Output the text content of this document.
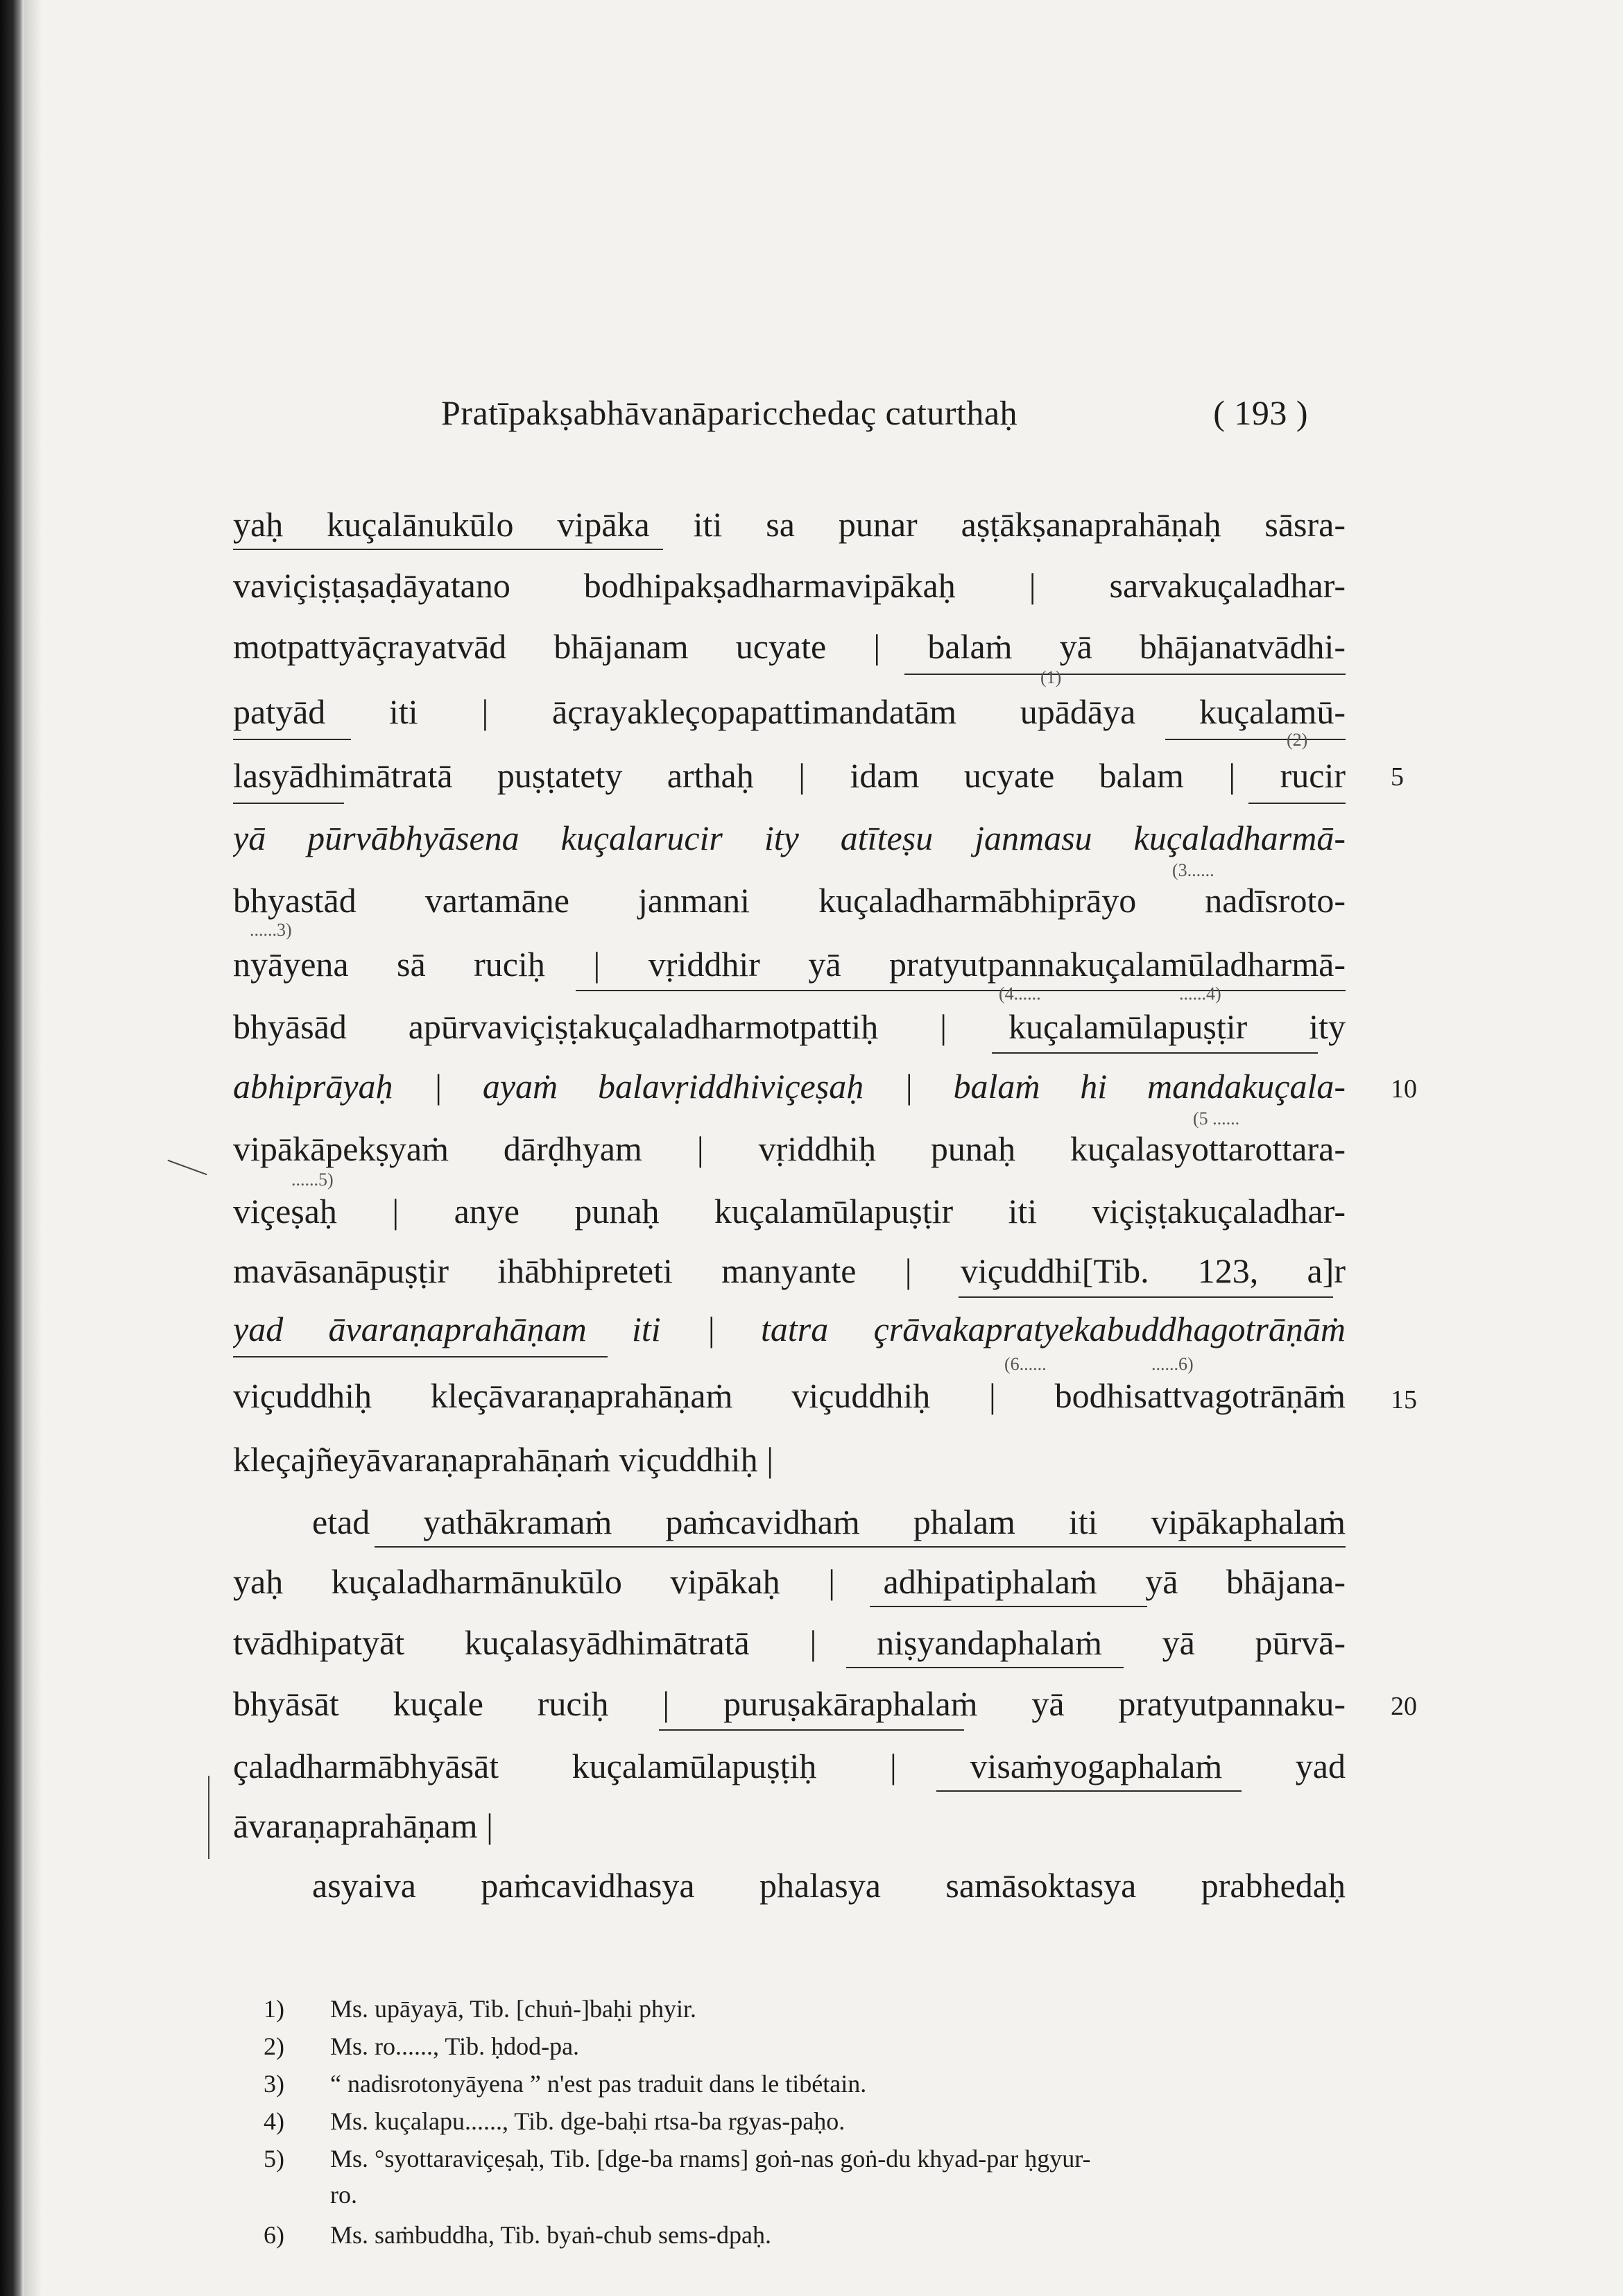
Pratīpakṣabhāvanāparicchedaç caturthaḥ	( 193 )
yaḥ kuçalānukūlo vipāka iti sa punar aṣṭākṣanaprahāṇaḥ sāsra-
vaviçiṣṭaṣaḍāyatano bodhipakṣadharmavipākaḥ | sarvakuçaladhar-
motpattyāçrayatvād bhājanam ucyate | balaṁ yā bhājanatvādhi-
patyād iti | āçrayakleçopapattimandatām upādāya kuçalamū-
lasyādhimātratā puṣṭatety arthaḥ | idam ucyate balam | rucir
yā pūrvābhyāsena kuçalarucir ity atīteṣu janmasu kuçaladharmā-
bhyastād vartamāne janmani kuçaladharmābhiprāyo nadīsroto-
nyāyena sā ruciḥ | vṛiddhir yā pratyutpannakuçalamūladharmā-
bhyāsād apūrvaviçiṣṭakuçaladharmotpattiḥ | kuçalamūlapuṣṭir ity
abhiprāyaḥ | ayaṁ balavṛiddhiviçeṣaḥ | balaṁ hi mandakuçala-
vipākāpekṣyaṁ dārḍhyam | vṛiddhiḥ punaḥ kuçalasyottarottara-
viçeṣaḥ | anye punaḥ kuçalamūlapuṣṭir iti viçiṣṭakuçaladhar-
mavāsanāpuṣṭir ihābhipreteti manyante | viçuddhi[Tib. 123, a]r
yad āvaraṇaprahāṇam iti | tatra çrāvakapratyekabuddhagotrāṇāṁ
viçuddhiḥ kleçāvaraṇaprahāṇaṁ viçuddhiḥ | bodhisattvagotrāṇāṁ
kleçajñeyāvaraṇaprahāṇaṁ viçuddhiḥ |
etad yathākramaṁ paṁcavidhaṁ phalam iti vipākaphalaṁ
yaḥ kuçaladharmānukūlo vipākaḥ | adhipatiphalaṁ yā bhājana-
tvādhipatyāt kuçalasyādhimātratā | niṣyandaphalaṁ yā pūrvā-
bhyāsāt kuçale ruciḥ | puruṣakāraphalaṁ yā pratyutpannaku-
çaladharmābhyāsāt kuçalamūlapuṣṭiḥ | visaṁyogaphalaṁ yad
āvaraṇaprahāṇam |
asyaiva paṁcavidhasya phalasya samāsoktasya prabhedaḥ
(1)
(2)
(3......
......3)
(4......	......4)
(5 ......
......5)
(6......	......6)
5
10
15
20
1) Ms. upāyayā, Tib. [chuṅ-]baḥi phyir.
2) Ms. ro......, Tib. ḥdod-pa.
3) “ nadisrotonyāyena ” n'est pas traduit dans le tibétain.
4) Ms. kuçalapu......, Tib. dge-baḥi rtsa-ba rgyas-paḥo.
5) Ms. °syottaraviçeṣaḥ, Tib. [dge-ba rnams] goṅ-nas goṅ-du khyad-par ḥgyur-
ro.
6) Ms. saṁbuddha, Tib. byaṅ-chub sems-dpaḥ.
